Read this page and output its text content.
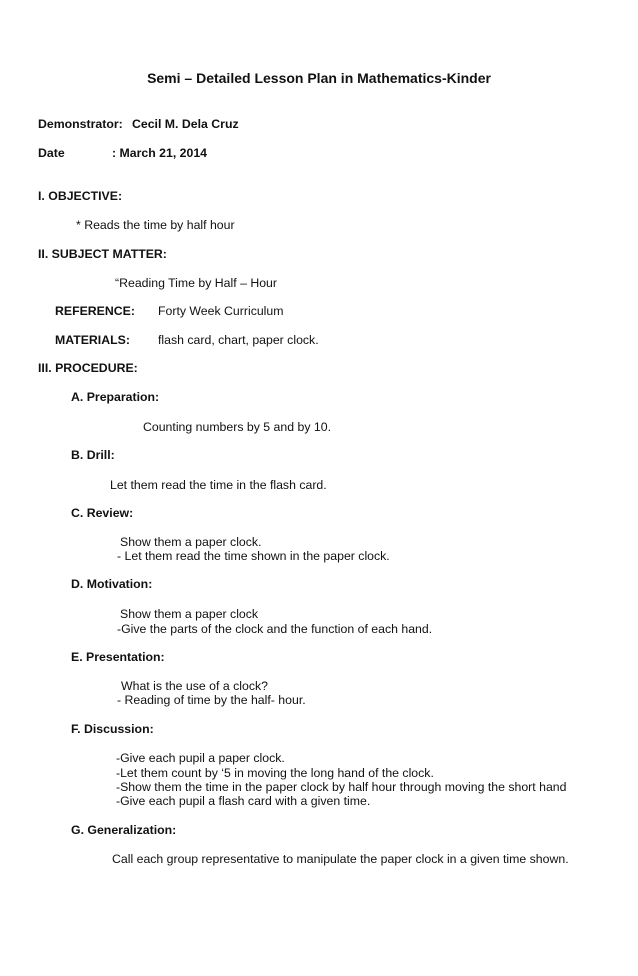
Semi – Detailed Lesson Plan in Mathematics-Kinder
Demonstrator: Cecil M. Dela Cruz
Date	: March 21, 2014
I. OBJECTIVE:
* Reads the time by half hour
II. SUBJECT MATTER:
“Reading Time by Half – Hour
REFERENCE: Forty Week Curriculum
MATERIALS: flash card, chart, paper clock.
III. PROCEDURE:
A. Preparation:
Counting numbers by 5 and by 10.
B. Drill:
Let them read the time in the flash card.
C. Review:
Show them a paper clock.
- Let them read the time shown in the paper clock.
D. Motivation:
Show them a paper clock
-Give the parts of the clock and the function of each hand.
E. Presentation:
What is the use of a clock?
- Reading of time by the half- hour.
F. Discussion:
-Give each pupil a paper clock.
-Let them count by ‘5 in moving the long hand of the clock.
-Show them the time in the paper clock by half hour through moving the short hand
-Give each pupil a flash card with a given time.
G. Generalization:
Call each group representative to manipulate the paper clock in a given time shown.
